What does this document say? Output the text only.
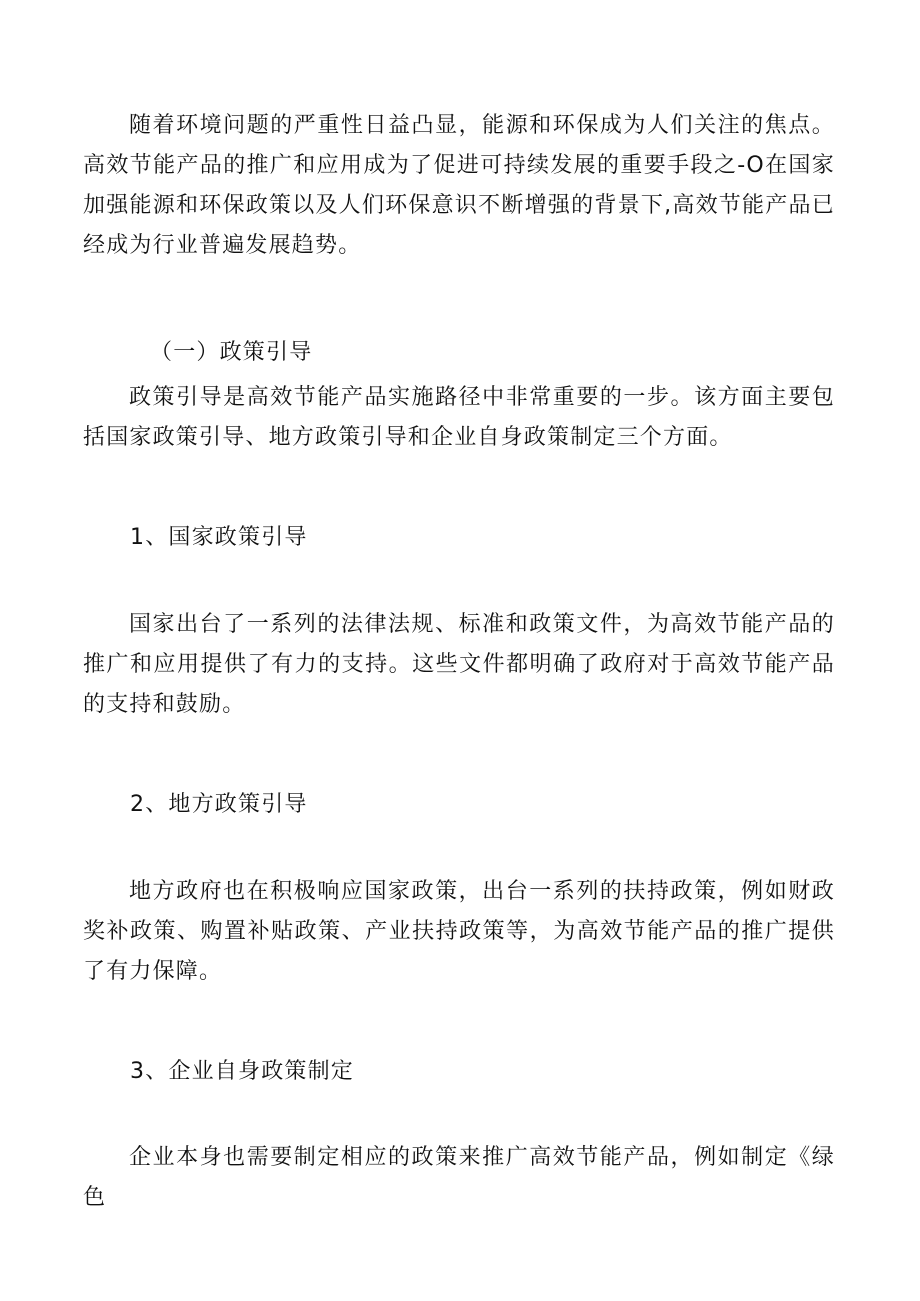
随着环境问题的严重性日益凸显，能源和环保成为人们关注的焦点。高效节能产品的推广和应用成为了促进可持续发展的重要手段之-O在国家加强能源和环保政策以及人们环保意识不断增强的背景下,高效节能产品已经成为行业普遍发展趋势。

（一）政策引导

政策引导是高效节能产品实施路径中非常重要的一步。该方面主要包括国家政策引导、地方政策引导和企业自身政策制定三个方面。

1、国家政策引导

国家出台了一系列的法律法规、标准和政策文件，为高效节能产品的推广和应用提供了有力的支持。这些文件都明确了政府对于高效节能产品的支持和鼓励。

2、地方政策引导

地方政府也在积极响应国家政策，出台一系列的扶持政策，例如财政奖补政策、购置补贴政策、产业扶持政策等，为高效节能产品的推广提供了有力保障。

3、企业自身政策制定

企业本身也需要制定相应的政策来推广高效节能产品，例如制定《绿色
